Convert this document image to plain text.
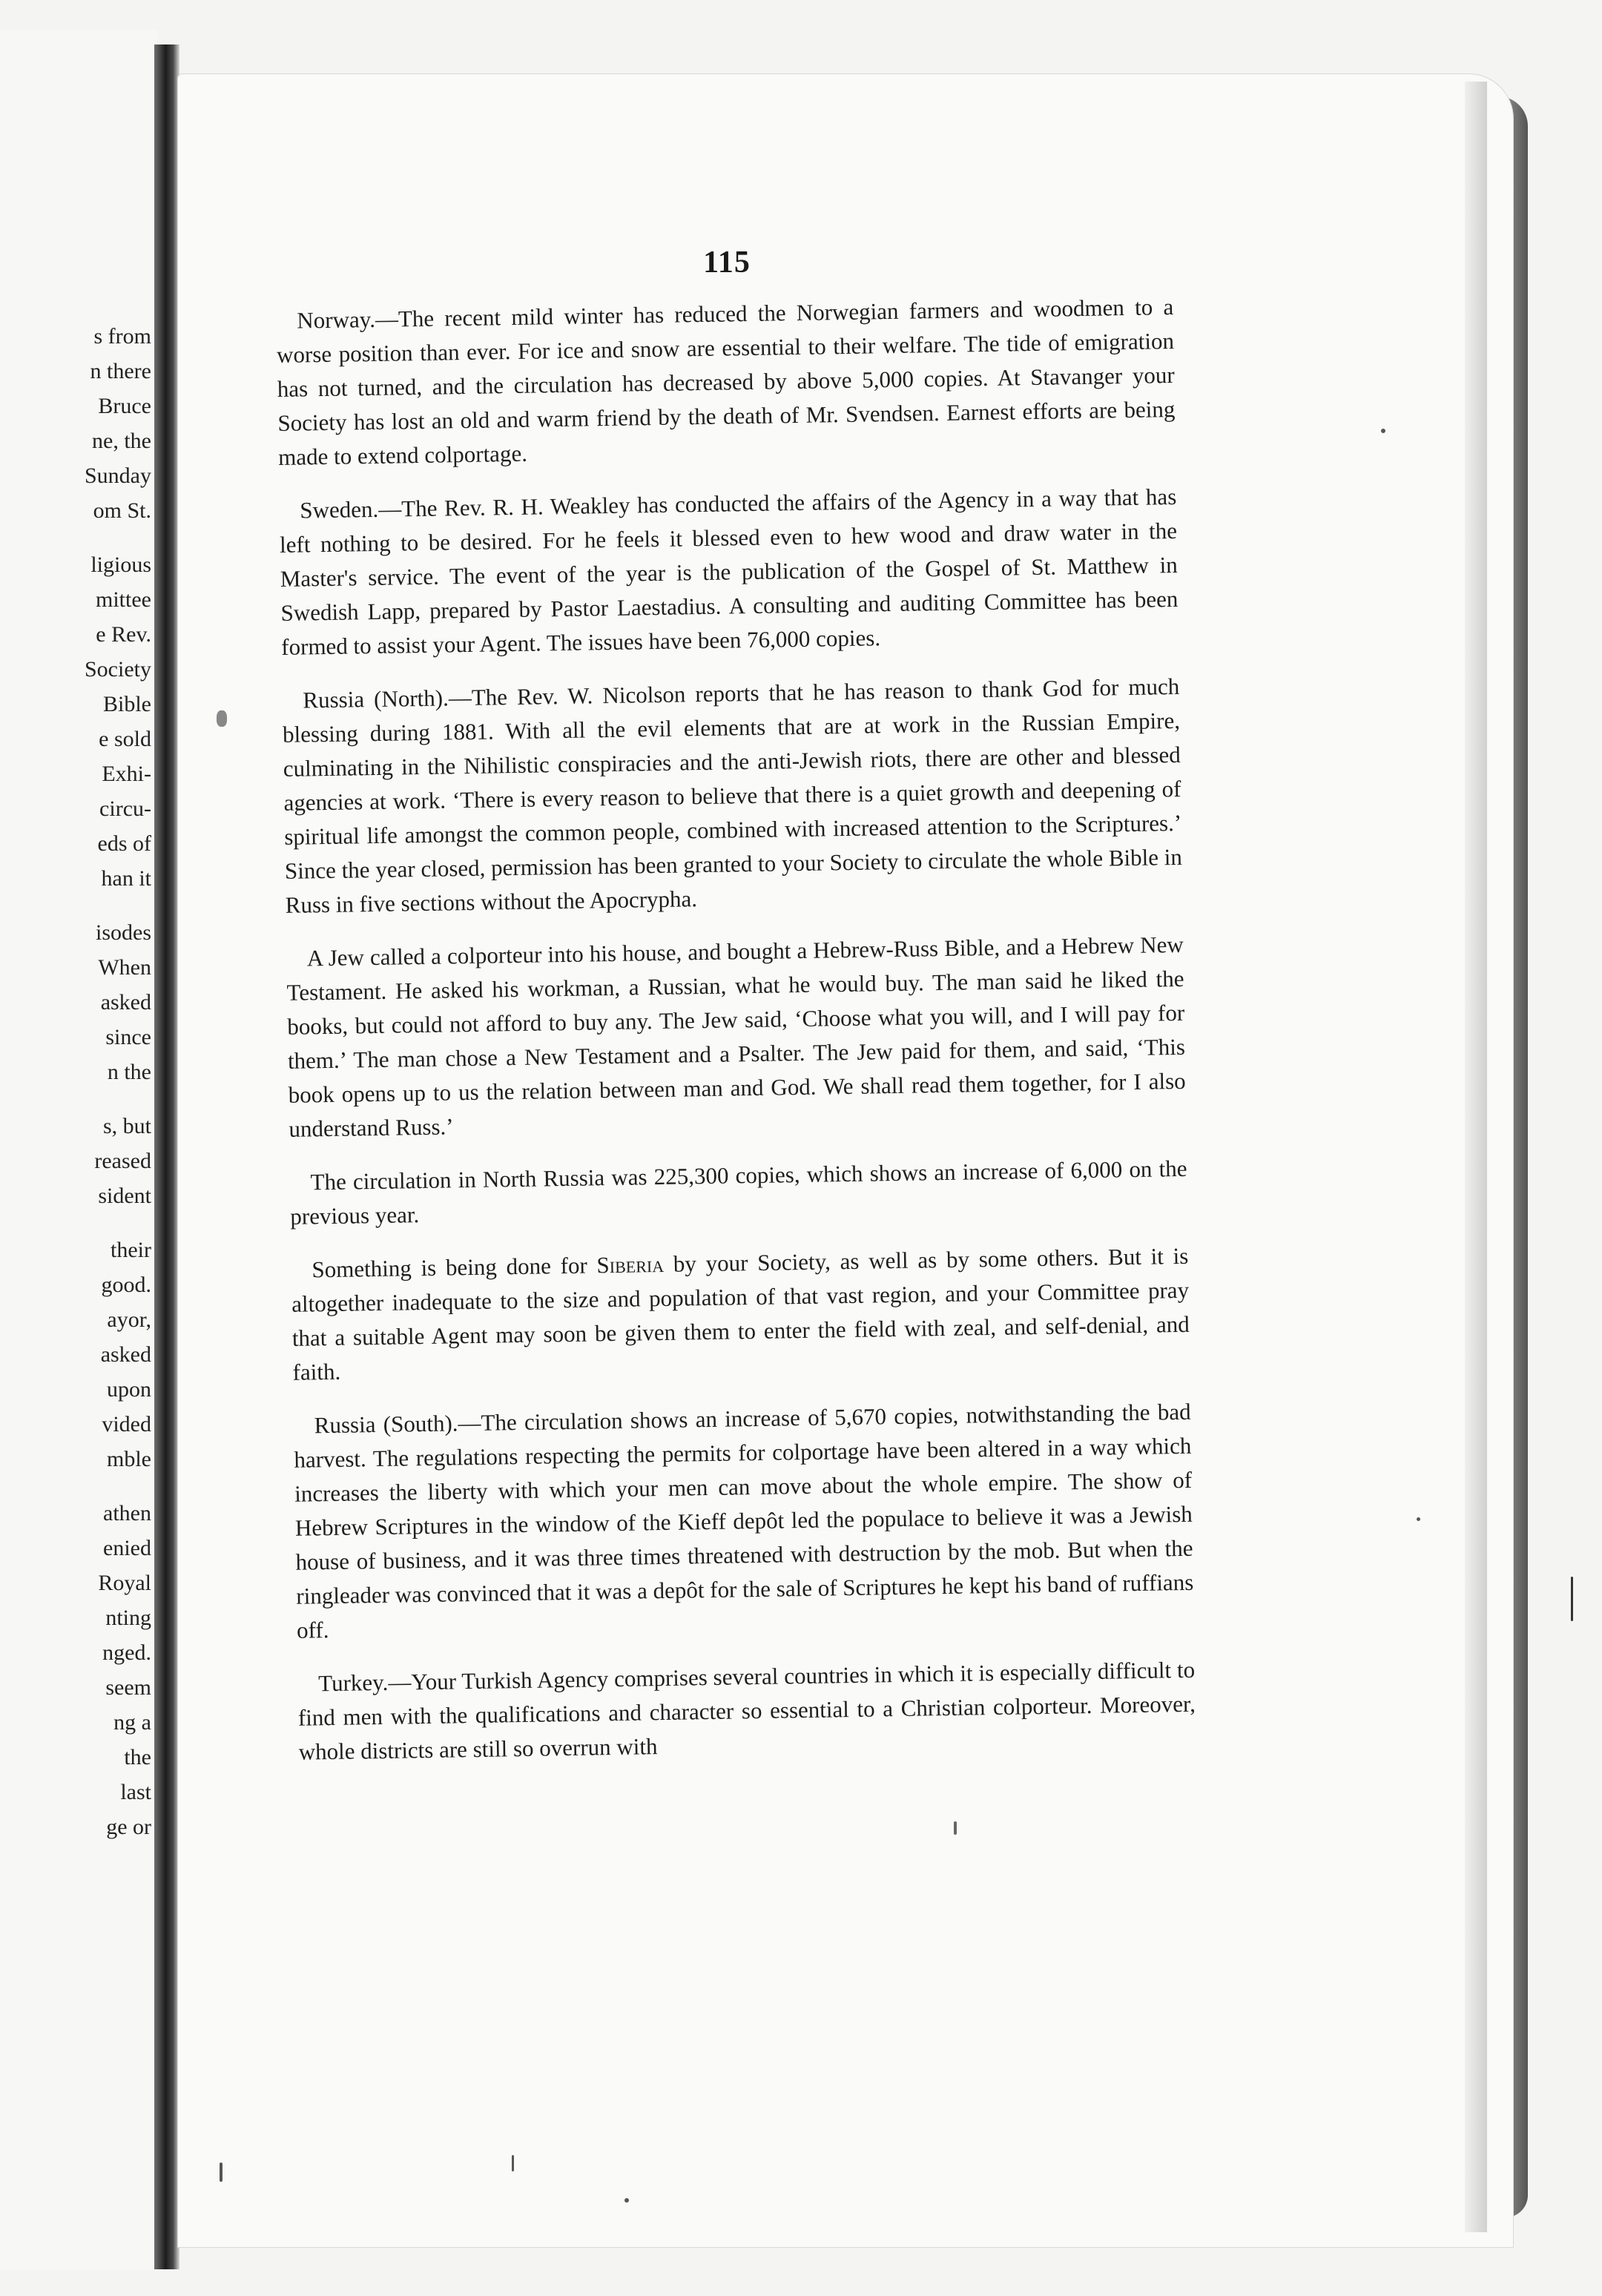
s from
n there
Bruce
ne, the
Sunday
om St.
ligious
mittee
e Rev.
Society
Bible
e sold
Exhi-
circu-
eds of
han it
isodes
When
asked
since
n the
s, but
reased
sident
their
good.
ayor,
asked
upon
vided
mble
athen
enied
Royal
nting
nged.
seem
ng a
the
last
ge or
115

Norway.—The recent mild winter has reduced the Norwegian farmers and woodmen to a worse position than ever. For ice and snow are essential to their welfare. The tide of emigration has not turned, and the circulation has decreased by above 5,000 copies. At Stavanger your Society has lost an old and warm friend by the death of Mr. Svendsen. Earnest efforts are being made to extend colportage.

Sweden.—The Rev. R. H. Weakley has conducted the affairs of the Agency in a way that has left nothing to be desired. For he feels it blessed even to hew wood and draw water in the Master's service. The event of the year is the publication of the Gospel of St. Matthew in Swedish Lapp, prepared by Pastor Laestadius. A consulting and auditing Committee has been formed to assist your Agent. The issues have been 76,000 copies.

Russia (North).—The Rev. W. Nicolson reports that he has reason to thank God for much blessing during 1881. With all the evil elements that are at work in the Russian Empire, culminating in the Nihilistic conspiracies and the anti-Jewish riots, there are other and blessed agencies at work. ‘There is every reason to believe that there is a quiet growth and deepening of spiritual life amongst the common people, combined with increased attention to the Scriptures.’ Since the year closed, permission has been granted to your Society to circulate the whole Bible in Russ in five sections without the Apocrypha.

A Jew called a colporteur into his house, and bought a Hebrew-Russ Bible, and a Hebrew New Testament. He asked his workman, a Russian, what he would buy. The man said he liked the books, but could not afford to buy any. The Jew said, ‘Choose what you will, and I will pay for them.’ The man chose a New Testament and a Psalter. The Jew paid for them, and said, ‘This book opens up to us the relation between man and God. We shall read them together, for I also understand Russ.’

The circulation in North Russia was 225,300 copies, which shows an increase of 6,000 on the previous year.

Something is being done for Siberia by your Society, as well as by some others. But it is altogether inadequate to the size and population of that vast region, and your Committee pray that a suitable Agent may soon be given them to enter the field with zeal, and self-denial, and faith.

Russia (South).—The circulation shows an increase of 5,670 copies, notwithstanding the bad harvest. The regulations respecting the permits for colportage have been altered in a way which increases the liberty with which your men can move about the whole empire. The show of Hebrew Scriptures in the window of the Kieff depôt led the populace to believe it was a Jewish house of business, and it was three times threatened with destruction by the mob. But when the ringleader was convinced that it was a depôt for the sale of Scriptures he kept his band of ruffians off.

Turkey.—Your Turkish Agency comprises several countries in which it is especially difficult to find men with the qualifications and character so essential to a Christian colporteur. Moreover, whole districts are still so overrun with
